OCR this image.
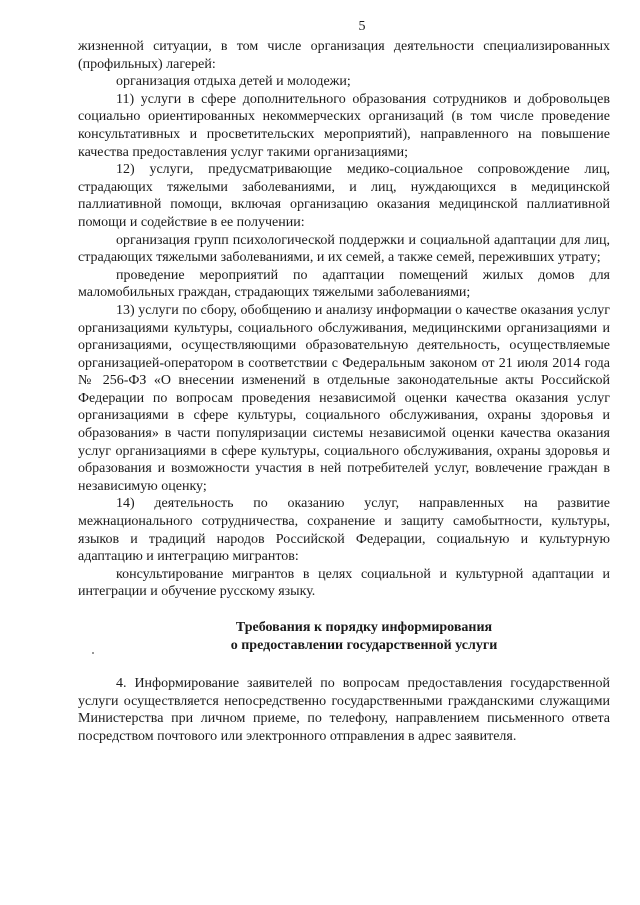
5

жизненной ситуации, в том числе организация деятельности специализированных (профильных) лагерей:

организация отдыха детей и молодежи;

11) услуги в сфере дополнительного образования сотрудников и добровольцев социально ориентированных некоммерческих организаций (в том числе проведение консультативных и просветительских мероприятий), направленного на повышение качества предоставления услуг такими организациями;

12) услуги, предусматривающие медико-социальное сопровождение лиц, страдающих тяжелыми заболеваниями, и лиц, нуждающихся в медицинской паллиативной помощи, включая организацию оказания медицинской паллиативной помощи и содействие в ее получении:

организация групп психологической поддержки и социальной адаптации для лиц, страдающих тяжелыми заболеваниями, и их семей, а также семей, переживших утрату;

проведение мероприятий по адаптации помещений жилых домов для маломобильных граждан, страдающих тяжелыми заболеваниями;

13) услуги по сбору, обобщению и анализу информации о качестве оказания услуг организациями культуры, социального обслуживания, медицинскими организациями и организациями, осуществляющими образовательную деятельность, осуществляемые организацией-оператором в соответствии с Федеральным законом от 21 июля 2014 года № 256-ФЗ «О внесении изменений в отдельные законодательные акты Российской Федерации по вопросам проведения независимой оценки качества оказания услуг организациями в сфере культуры, социального обслуживания, охраны здоровья и образования» в части популяризации системы независимой оценки качества оказания услуг организациями в сфере культуры, социального обслуживания, охраны здоровья и образования и возможности участия в ней потребителей услуг, вовлечение граждан в независимую оценку;

14) деятельность по оказанию услуг, направленных на развитие межнационального сотрудничества, сохранение и защиту самобытности, культуры, языков и традиций народов Российской Федерации, социальную и культурную адаптацию и интеграцию мигрантов:

консультирование мигрантов в целях социальной и культурной адаптации и интеграции и обучение русскому языку.

Требования к порядку информирования
о предоставлении государственной услуги

4. Информирование заявителей по вопросам предоставления государственной услуги осуществляется непосредственно государственными гражданскими служащими Министерства при личном приеме, по телефону, направлением письменного ответа посредством почтового или электронного отправления в адрес заявителя.
